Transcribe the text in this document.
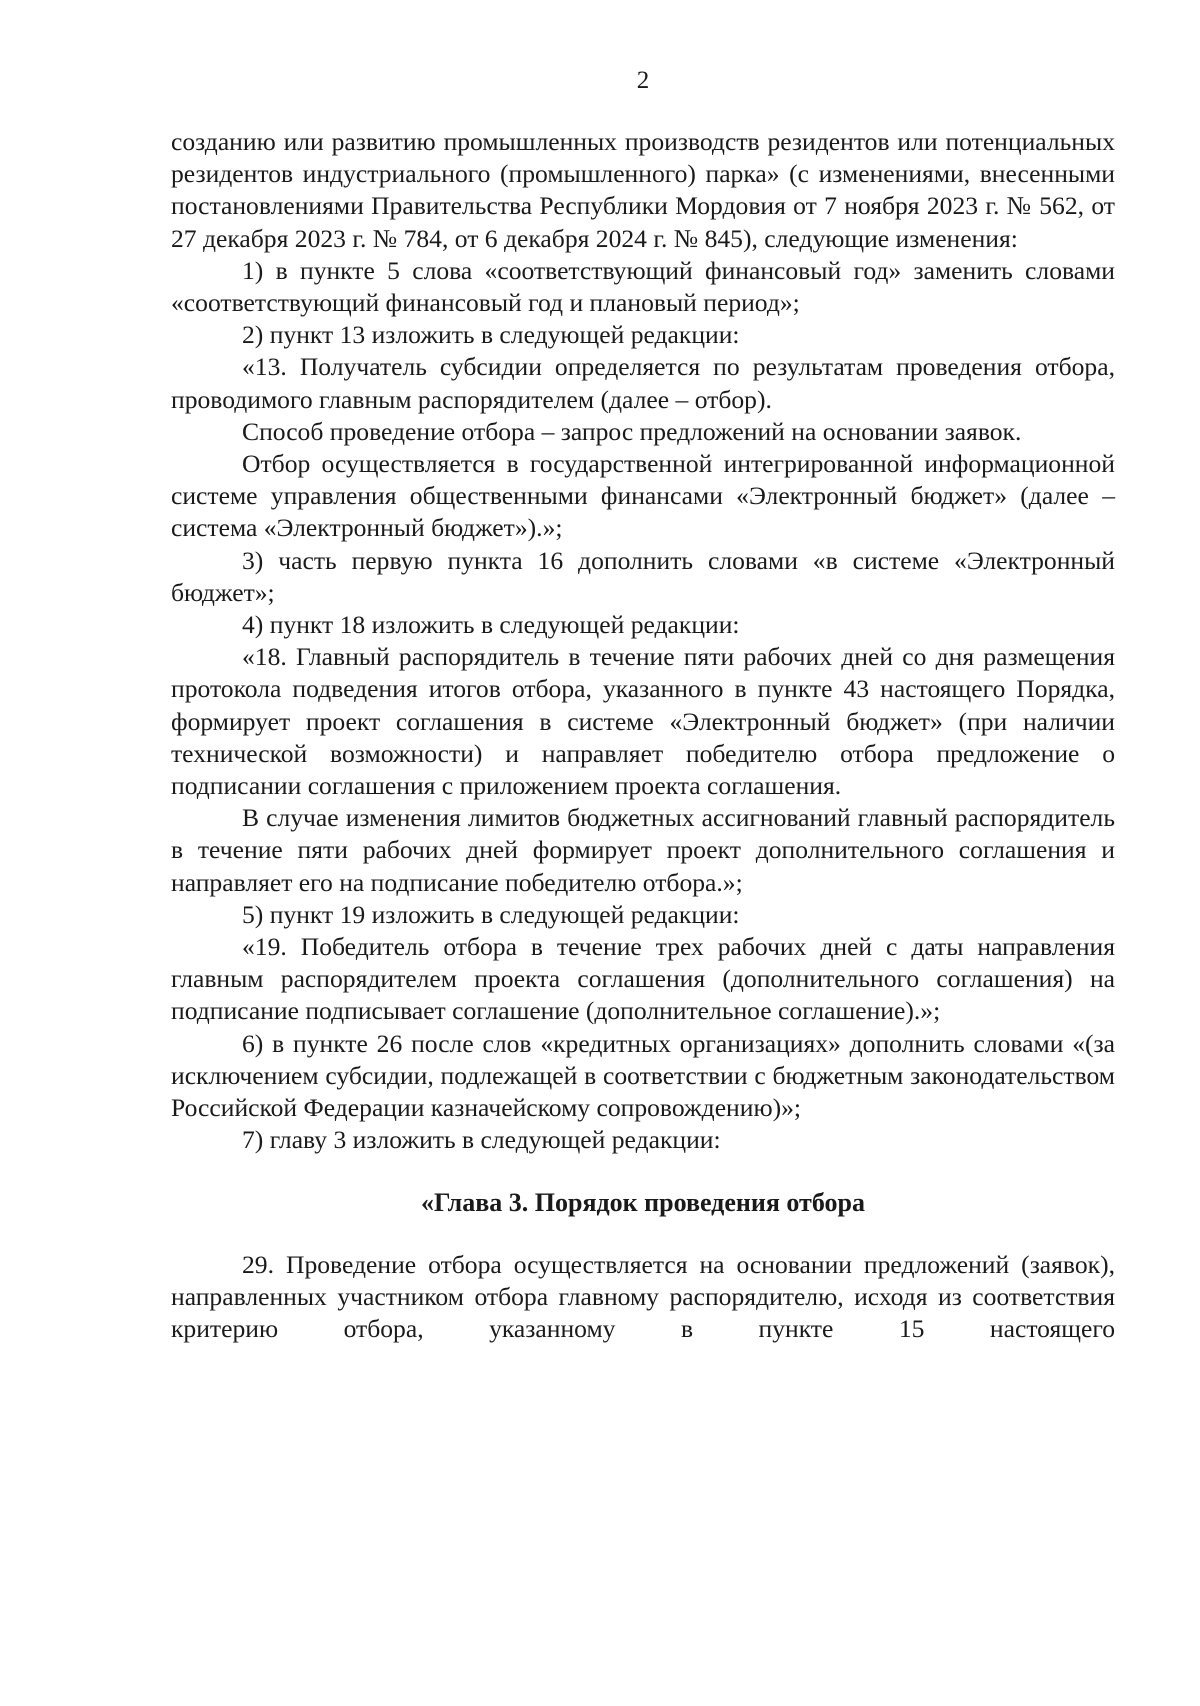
2

созданию или развитию промышленных производств резидентов или потенциальных резидентов индустриального (промышленного) парка» (с изменениями, внесенными постановлениями Правительства Республики Мордовия от 7 ноября 2023 г. № 562, от 27 декабря 2023 г. № 784, от 6 декабря 2024 г. № 845), следующие изменения:

1) в пункте 5 слова «соответствующий финансовый год» заменить словами «соответствующий финансовый год и плановый период»;

2) пункт 13 изложить в следующей редакции:

«13. Получатель субсидии определяется по результатам проведения отбора, проводимого главным распорядителем (далее – отбор).

Способ проведение отбора – запрос предложений на основании заявок.

Отбор осуществляется в государственной интегрированной информационной системе управления общественными финансами «Электронный бюджет» (далее – система «Электронный бюджет»).»;

3) часть первую пункта 16 дополнить словами «в системе «Электронный бюджет»;

4) пункт 18 изложить в следующей редакции:

«18. Главный распорядитель в течение пяти рабочих дней со дня размещения протокола подведения итогов отбора, указанного в пункте 43 настоящего Порядка, формирует проект соглашения в системе «Электронный бюджет» (при наличии технической возможности) и направляет победителю отбора предложение о подписании соглашения с приложением проекта соглашения.

В случае изменения лимитов бюджетных ассигнований главный распорядитель в течение пяти рабочих дней формирует проект дополнительного соглашения и направляет его на подписание победителю отбора.»;

5) пункт 19 изложить в следующей редакции:

«19. Победитель отбора в течение трех рабочих дней с даты направления главным распорядителем проекта соглашения (дополнительного соглашения) на подписание подписывает соглашение (дополнительное соглашение).»;

6) в пункте 26 после слов «кредитных организациях» дополнить словами «(за исключением субсидии, подлежащей в соответствии с бюджетным законодательством Российской Федерации казначейскому сопровождению)»;

7) главу 3 изложить в следующей редакции:

«Глава 3. Порядок проведения отбора

29. Проведение отбора осуществляется на основании предложений (заявок), направленных участником отбора главному распорядителю, исходя из соответствия критерию отбора, указанному в пункте 15 настоящего
